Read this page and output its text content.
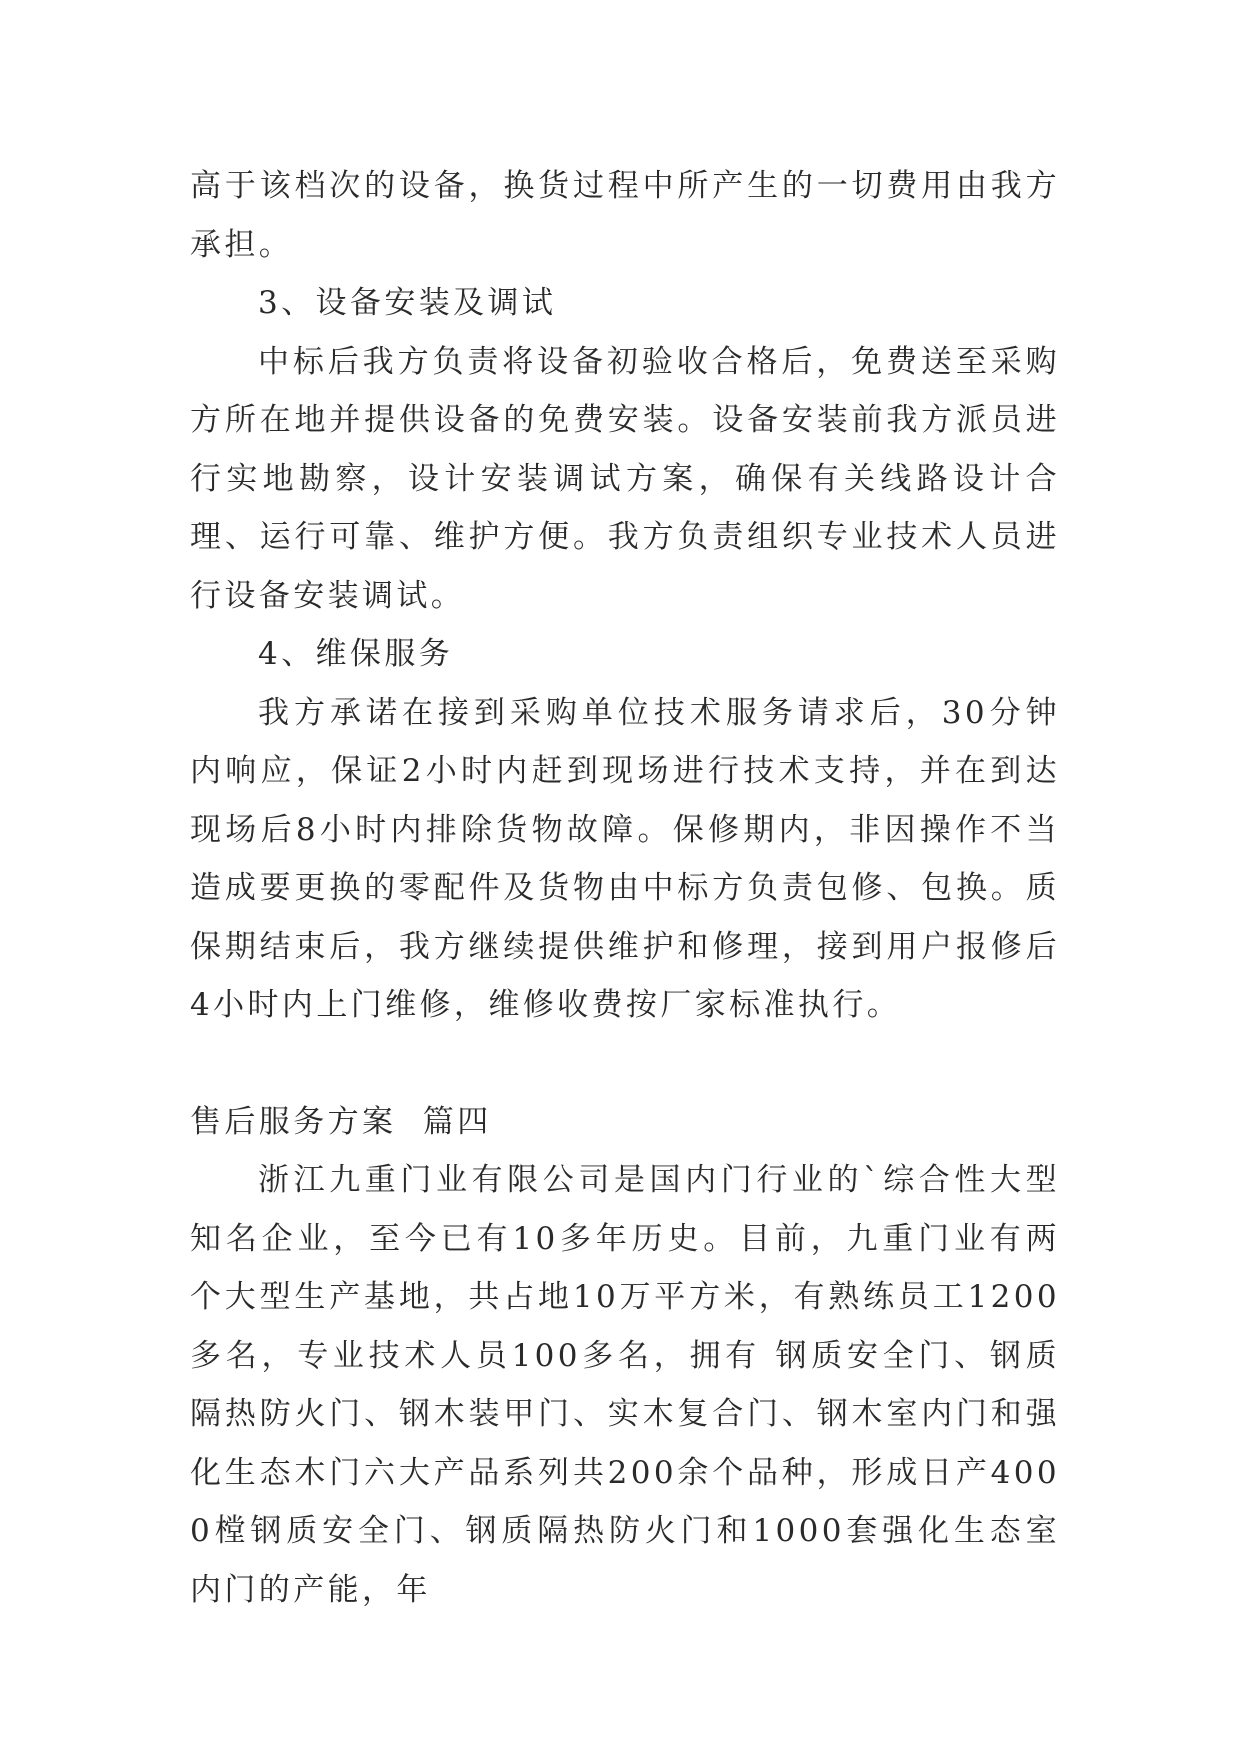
高于该档次的设备，换货过程中所产生的一切费用由我方承担。

3、设备安装及调试

中标后我方负责将设备初验收合格后，免费送至采购方所在地并提供设备的免费安装。设备安装前我方派员进行实地勘察，设计安装调试方案，确保有关线路设计合理、运行可靠、维护方便。我方负责组织专业技术人员进行设备安装调试。

4、维保服务

我方承诺在接到采购单位技术服务请求后，30分钟内响应，保证2小时内赶到现场进行技术支持，并在到达现场后8小时内排除货物故障。保修期内，非因操作不当造成要更换的零配件及货物由中标方负责包修、包换。质保期结束后，我方继续提供维护和修理，接到用户报修后4小时内上门维修，维修收费按厂家标准执行。

售后服务方案  篇四

浙江九重门业有限公司是国内门行业的`综合性大型知名企业，至今已有10多年历史。目前，九重门业有两个大型生产基地，共占地10万平方米，有熟练员工1200多名，专业技术人员100多名，拥有 钢质安全门、钢质隔热防火门、钢木装甲门、实木复合门、钢木室内门和强化生态木门六大产品系列共200余个品种，形成日产4000樘钢质安全门、钢质隔热防火门和1000套强化生态室内门的产能，年
